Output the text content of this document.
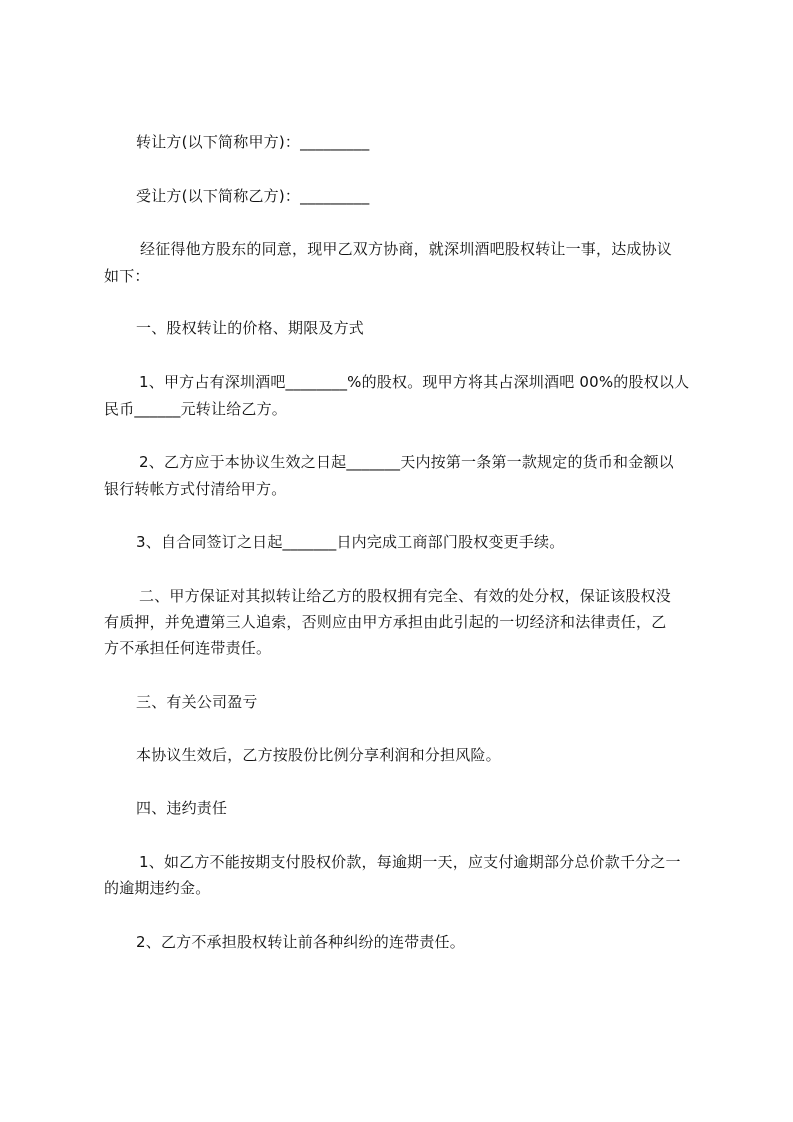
转让方(以下简称甲方)：_________
受让方(以下简称乙方)：_________
经征得他方股东的同意，现甲乙双方协商，就深圳酒吧股权转让一事，达成协议
如下：
一、股权转让的价格、期限及方式
1、甲方占有深圳酒吧________%的股权。现甲方将其占深圳酒吧 00%的股权以人
民币______元转让给乙方。
2、乙方应于本协议生效之日起_______天内按第一条第一款规定的货币和金额以
银行转帐方式付清给甲方。
3、自合同签订之日起_______日内完成工商部门股权变更手续。
二、甲方保证对其拟转让给乙方的股权拥有完全、有效的处分权，保证该股权没
有质押，并免遭第三人追索，否则应由甲方承担由此引起的一切经济和法律责任，乙
方不承担任何连带责任。
三、有关公司盈亏
本协议生效后，乙方按股份比例分享利润和分担风险。
四、违约责任
1、如乙方不能按期支付股权价款，每逾期一天，应支付逾期部分总价款千分之一
的逾期违约金。
2、乙方不承担股权转让前各种纠纷的连带责任。
